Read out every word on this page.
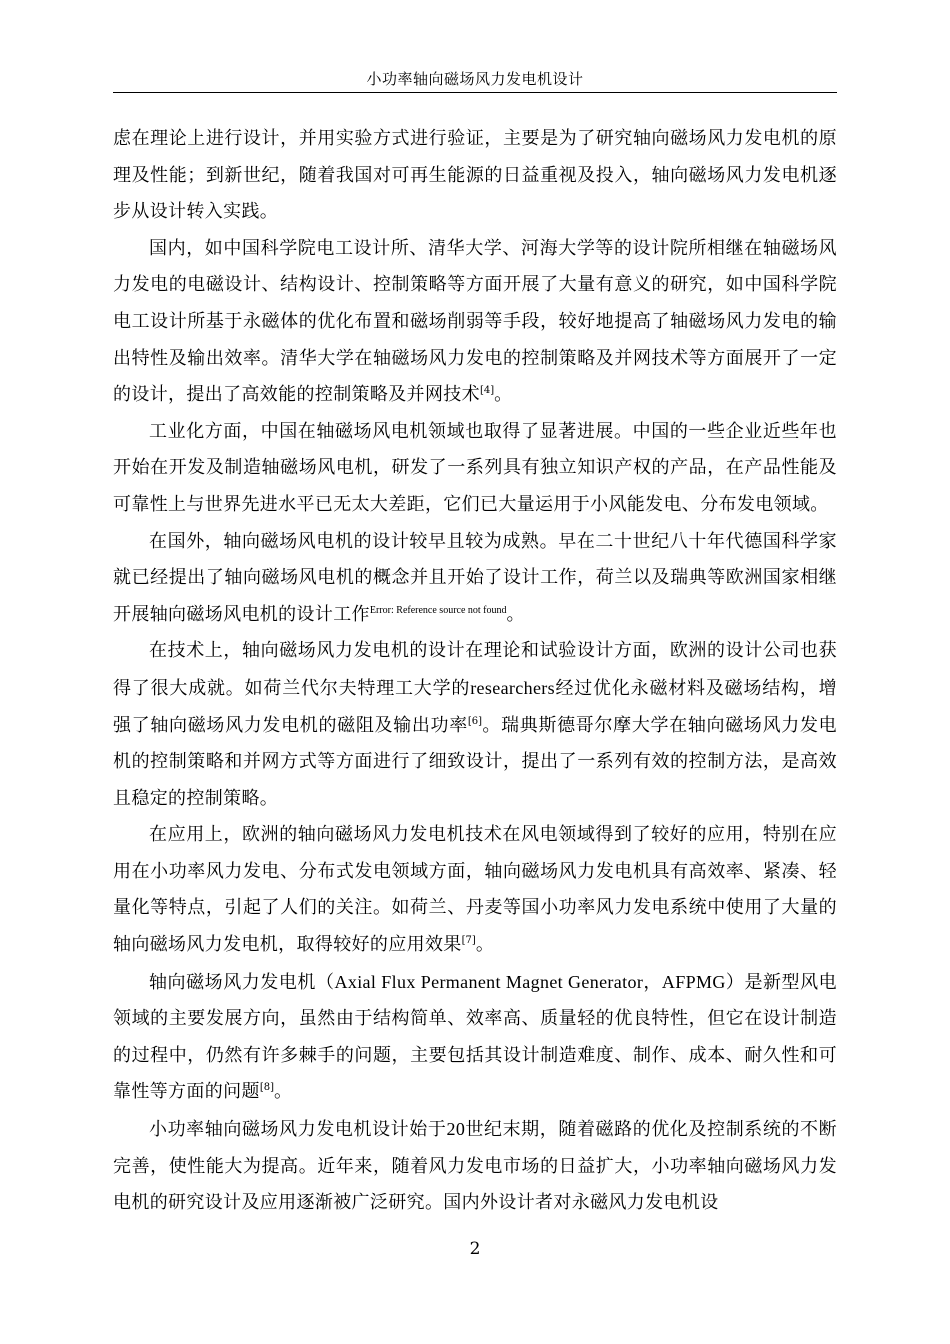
小功率轴向磁场风力发电机设计

虑在理论上进行设计，并用实验方式进行验证，主要是为了研究轴向磁场风力发电机的原理及性能；到新世纪，随着我国对可再生能源的日益重视及投入，轴向磁场风力发电机逐步从设计转入实践。

国内，如中国科学院电工设计所、清华大学、河海大学等的设计院所相继在轴磁场风力发电的电磁设计、结构设计、控制策略等方面开展了大量有意义的研究，如中国科学院电工设计所基于永磁体的优化布置和磁场削弱等手段，较好地提高了轴磁场风力发电的输出特性及输出效率。清华大学在轴磁场风力发电的控制策略及并网技术等方面展开了一定的设计，提出了高效能的控制策略及并网技术[4]。

工业化方面，中国在轴磁场风电机领域也取得了显著进展。中国的一些企业近些年也开始在开发及制造轴磁场风电机，研发了一系列具有独立知识产权的产品，在产品性能及可靠性上与世界先进水平已无太大差距，它们已大量运用于小风能发电、分布发电领域。

在国外，轴向磁场风电机的设计较早且较为成熟。早在二十世纪八十年代德国科学家就已经提出了轴向磁场风电机的概念并且开始了设计工作，荷兰以及瑞典等欧洲国家相继开展轴向磁场风电机的设计工作$^{Error: Reference source not found}$。

在技术上，轴向磁场风力发电机的设计在理论和试验设计方面，欧洲的设计公司也获得了很大成就。如荷兰代尔夫特理工大学的researchers经过优化永磁材料及磁场结构，增强了轴向磁场风力发电机的磁阻及输出功率[6]。瑞典斯德哥尔摩大学在轴向磁场风力发电机的控制策略和并网方式等方面进行了细致设计，提出了一系列有效的控制方法，是高效且稳定的控制策略。

在应用上，欧洲的轴向磁场风力发电机技术在风电领域得到了较好的应用，特别在应用在小功率风力发电、分布式发电领域方面，轴向磁场风力发电机具有高效率、紧凑、轻量化等特点，引起了人们的关注。如荷兰、丹麦等国小功率风力发电系统中使用了大量的轴向磁场风力发电机，取得较好的应用效果[7]。

轴向磁场风力发电机（Axial Flux Permanent Magnet Generator，AFPMG）是新型风电领域的主要发展方向，虽然由于结构简单、效率高、质量轻的优良特性，但它在设计制造的过程中，仍然有许多棘手的问题，主要包括其设计制造难度、制作、成本、耐久性和可靠性等方面的问题[8]。

小功率轴向磁场风力发电机设计始于20世纪末期，随着磁路的优化及控制系统的不断完善，使性能大为提高。近年来，随着风力发电市场的日益扩大，小功率轴向磁场风力发电机的研究设计及应用逐渐被广泛研究。国内外设计者对永磁风力发电机设

2
